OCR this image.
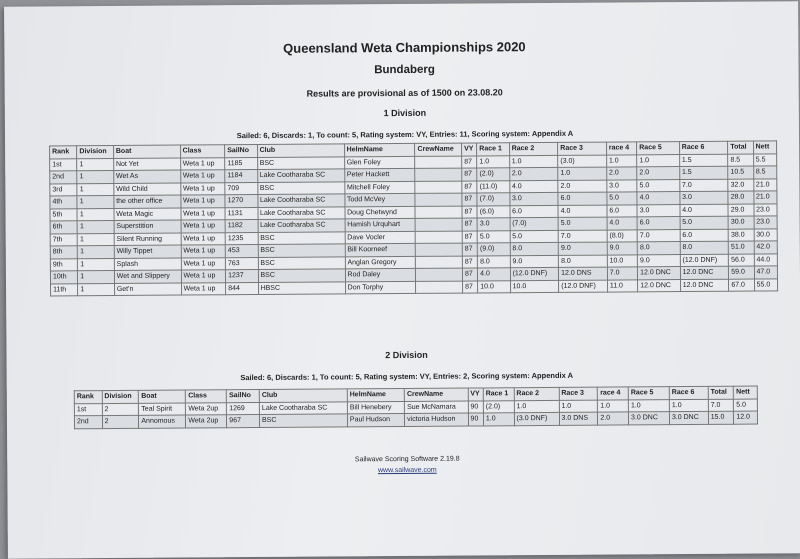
Queensland Weta Championships 2020
Bundaberg
Results are provisional as of 1500 on 23.08.20
1 Division
Sailed: 6, Discards: 1, To count: 5, Rating system: VY, Entries: 11, Scoring system: Appendix A
Rank	Division	Boat	Class	SailNo	Club	HelmName	CrewName	VY	Race 1	Race 2	Race 3	race 4	Race 5	Race 6	Total	Nett
1st	1	Not Yet	Weta 1 up	1185	BSC	Glen Foley		87	1.0	1.0	(3.0)	1.0	1.0	1.5	8.5	5.5
2nd	1	Wet As	Weta 1 up	1184	Lake Cootharaba SC	Peter Hackett		87	(2.0)	2.0	1.0	2.0	2.0	1.5	10.5	8.5
3rd	1	Wild Child	Weta 1 up	709	BSC	Mitchell Foley		87	(11.0)	4.0	2.0	3.0	5.0	7.0	32.0	21.0
4th	1	the other office	Weta 1 up	1270	Lake Cootharaba SC	Todd McVey		87	(7.0)	3.0	6.0	5.0	4.0	3.0	28.0	21.0
5th	1	Weta Magic	Weta 1 up	1131	Lake Cootharaba SC	Doug Chetwynd		87	(6.0)	6.0	4.0	6.0	3.0	4.0	29.0	23.0
6th	1	Superstition	Weta 1 up	1182	Lake Cootharaba SC	Hamish Urquhart		87	3.0	(7.0)	5.0	4.0	6.0	5.0	30.0	23.0
7th	1	Silent Running	Weta 1 up	1235	BSC	Dave Vocler		87	5.0	5.0	7.0	(8.0)	7.0	6.0	38.0	30.0
8th	1	Willy Tippet	Weta 1 up	453	BSC	Bill Koorneef		87	(9.0)	8.0	9.0	9.0	8.0	8.0	51.0	42.0
9th	1	Splash	Weta 1 up	763	BSC	Anglan Gregory		87	8.0	9.0	8.0	10.0	9.0	(12.0 DNF)	56.0	44.0
10th	1	Wet and Slippery	Weta 1 up	1237	BSC	Rod Daley		87	4.0	(12.0 DNF)	12.0 DNS	7.0	12.0 DNC	12.0 DNC	59.0	47.0
11th	1	Get'n	Weta 1 up	844	HBSC	Don Torphy		87	10.0	10.0	(12.0 DNF)	11.0	12.0 DNC	12.0 DNC	67.0	55.0
2 Division
Sailed: 6, Discards: 1, To count: 5, Rating system: VY, Entries: 2, Scoring system: Appendix A
Rank	Division	Boat	Class	SailNo	Club	HelmName	CrewName	VY	Race 1	Race 2	Race 3	race 4	Race 5	Race 6	Total	Nett
1st	2	Teal Spirit	Weta 2up	1269	Lake Cootharaba SC	Bill Henebery	Sue McNamara	90	(2.0)	1.0	1.0	1.0	1.0	1.0	7.0	5.0
2nd	2	Annomous	Weta 2up	967	BSC	Paul Hudson	victoria Hudson	90	1.0	(3.0 DNF)	3.0 DNS	2.0	3.0 DNC	3.0 DNC	15.0	12.0
Sailwave Scoring Software 2.19.8
www.sailwave.com
